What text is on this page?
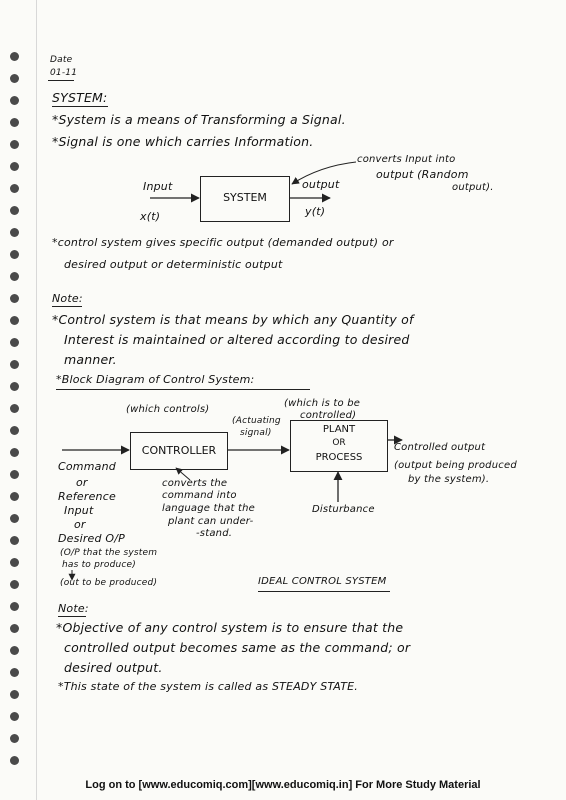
Date
01-11
SYSTEM:
*System is a means of Transforming a Signal.
*Signal is one which carries Information.
converts Input into
output (Random
output).
Input
x(t)
SYSTEM
output
y(t)
*control system gives specific output (demanded output) or
desired output or deterministic output
Note:
*Control system is that means by which any Quantity of
Interest is maintained or altered according to desired
manner.
*Block Diagram of Control System:
(which controls)
(Actuating
signal)
(which is to be
controlled)
CONTROLLER
PLANT
OR
PROCESS
Controlled output
(output being produced
by the system).
Command
or
Reference
Input
or
Desired O/P
(O/P that the system
has to produce)
(out to be produced)
converts the
command into
language that the
plant can under-
-stand.
Disturbance
IDEAL CONTROL SYSTEM
Note:
*Objective of any control system is to ensure that the
controlled output becomes same as the command; or
desired output.
*This state of the system is called as STEADY STATE.
Log on to [www.educomiq.com][www.educomiq.in] For More Study Material
